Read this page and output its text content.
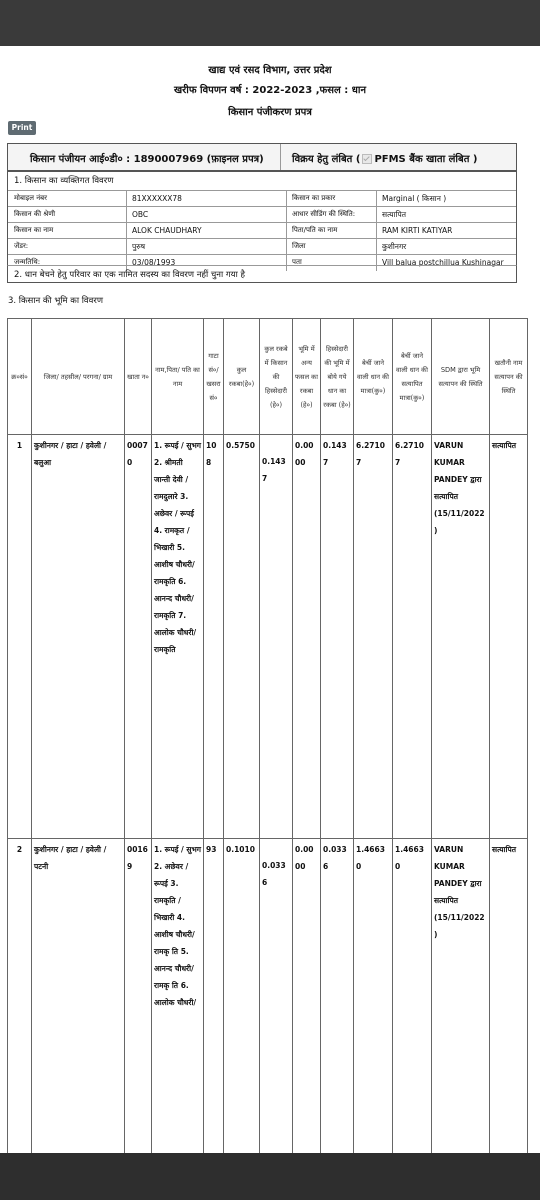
खाद्य एवं रसद विभाग, उत्तर प्रदेश
खरीफ विपणन वर्ष : 2022-2023 ,फसल : धान
किसान पंजीकरण प्रपत्र
Print
किसान पंजीयन आई०डी० : 1890007969 (फ़ाइनल प्रपत्र)	विक्रय हेतु लंबित ( PFMS बैंक खाता लंबित )
1. किसान का व्यक्तिगत विवरण
मोबाइल नंबर	81XXXXXX78	किसान का प्रकार	Marginal ( किसान )
किसान की श्रेणी	OBC	आधार सीडिंग की स्थिति:	सत्यापित
किसान का नाम	ALOK CHAUDHARY	पिता/पति का नाम	RAM KIRTI KATIYAR
जेंडर:	पुरुष	जिला	कुशीनगर
जन्मतिथि:	03/08/1993	पता	Vill balua postchillua Kushinagar
2. धान बेचने हेतु परिवार का एक नामित सदस्य का विवरण नहीं चुना गया है
3. किसान की भूमि का विवरण
क्र०सं०	जिला/ तहसील/ परगना/ ग्राम	खाता न०	नाम,पिता/ पति का नाम	गाटा सं०/ खसरा सं०	कुल रकबा(हे०)	कुल रकबे में किसान की हिस्सेदारी (हे०)	भूमि में अन्य फसल का रकबा (हे०)	हिस्सेदारी की भूमि में बोये गये धान का रकबा (हे०)	बेचीं जाने वाली धान की मात्रा(कु०)	बेचीं जाने वाली धान की सत्यापित मात्रा(कु०)	SDM द्वारा भूमि सत्यापन की स्थिति	खतौनी नाम सत्यापन की स्थिति
1	कुशीनगर / हाटा / हवेली / बलुआ	00070	1. रूपई / सुभग 2. श्रीमती जान्ती देवी /रामदुलारे 3. अछेवर / रूपई 4. रामकृत / भिखारी 5. आशीष चौधरी/ रामकृति 6. आनन्द चौधरी/ रामकृति 7. आलोक चौधरी/ रामकृति	108	0.5750	0.1437	0.0000	0.1437	6.27107	6.27107	VARUN KUMAR PANDEY द्वारा सत्यापित (15/11/2022)	सत्यापित
2	कुशीनगर / हाटा / हवेली / पटनी	00169	1. रूपई / सुभग 2. अछेवर / रूपई 3. रामकृति / भिखारी 4. आशीष चौधरी/ रामकृ ति 5. आनन्द चौधरी/ रामकृ ति 6. आलोक चौधरी/	93	0.1010	0.0336	0.0000	0.0336	1.46630	1.46630	VARUN KUMAR PANDEY द्वारा सत्यापित (15/11/2022)	सत्यापित
